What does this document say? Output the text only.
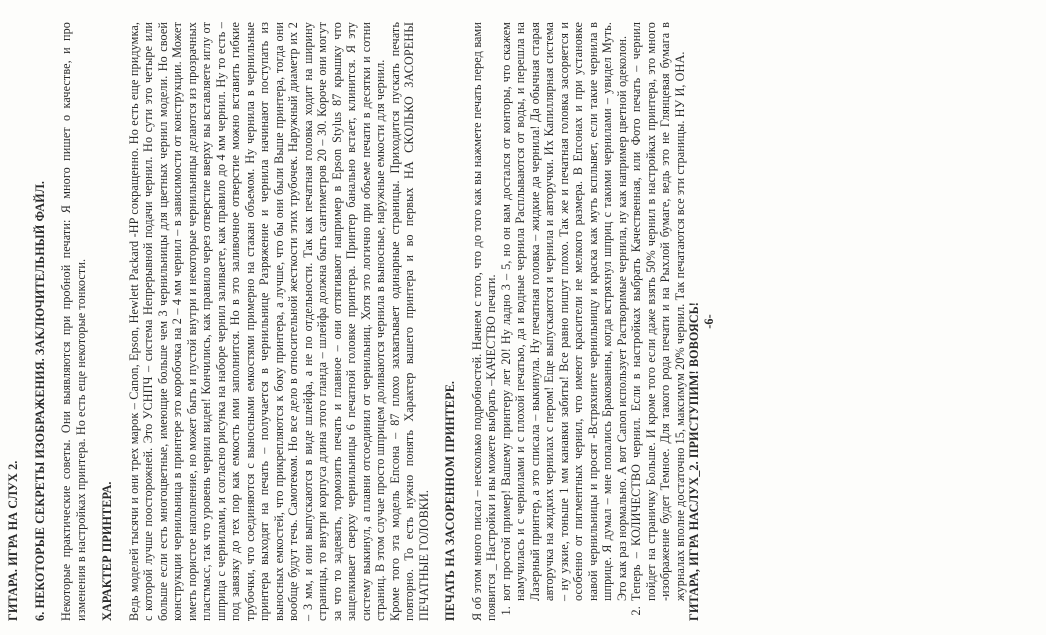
ГИТАРА. ИГРА НА СЛУХ 2. 6. НЕКОТОРЫЕ СЕКРЕТЫ ИЗОБРАЖЕНИЯ. ЗАКЛЮЧИТЕЛЬНЫЙ ФАЙЛ. Некоторые практические советы. Они выявляются при пробной печати: Я много пишет о качестве, и про изменения в настройках принтера. Но есть еще некоторые тонкости. ХАРАКТЕР ПРИНТЕРА. Ведь моделей тысячи и они трех марок – Canon, Epson, Hewlett Packard -HP сокращенно. Но есть еще придумка, с которой лучше поосторожней. Это УСНПЧ – система Непрерывной подачи чернил. Но сути это четыре или больше если есть многоцветные, имеющие больше чем 3 чернильницы для цветных чернил модели. Но своей конструкции чернильница в принтере это коробочка на 2 – 4 мм чернил – в зависимости от конструкции. Может иметь пористое наполнение, но может быть и пустой внутри и некоторые чернильницы делаются из прозрачных пластмасс, так что уровень чернил виден! Кончились, как правило через отверстие вверху вы вставляете иглу от шприца с чернилами, и согласно рисунка на наборе чернил заливаете, как правило до 4 мм чернил. Ну то есть – под завязку до тех пор как емкость ими заполнится. Но в это заливочное отверстие можно вставить гибкие трубочки, что соединяются с выносными емкостями примерно на стакан объемом. Ну чернила в чернильные принтера выходят на печать – получается в чернильнице Разряжение и чернила начинают поступать из выносных емкостей, что прикрепляются к боку принтера, а лучше, что бы они были Выше принтера, тогда они вообще будут течь. Самотеком. Но все дело в относительной жесткости этих трубочек. Наружный диаметр их 2 – 3 мм, и они выпускаются в виде шлейфа, а не по отдельности. Так как печатная головка ходит на ширину страницы, то внутри корпуса длина этого гланда – шлейфа должна быть сантиметров 20 – 30. Короче они могут за что то задевать, тормозить печать и главное – они оттягивают например в Epson Stylus 87 крышку что защелкивает сверху чернильницы 6 печатной головке принтера. Принтер банально встает, клинится. Я эту систему выкинул, а плавни отсоединил от чернильниц. Хотя это логично при объеме печати в десятки и сотни страниц. В этом случае просто шприцем доливаются чернила в выносные, наружные емкости для чернил. Кроме того эта модель Епсона – 87 плохо захватывает одинарные страницы. Приходится пускать печать повторно. То есть нужно понять Характер вашего принтера и во первых НА СКОЛЬКО ЗАСОРЕНЫ ПЕЧАТНЫЕ ГОЛОВКИ. ПЕЧАТЬ НА ЗАСОРЕННОМ ПРИНТЕРЕ. Я об этом много писал – несколько подробностей. Начнем с того, что до того как вы нажмете печать перед вами появится _ Настройки и вы можете выбрать –КАЧЕСТВО печати. 1. вот простой пример! Вашему принтеру лет 20! Ну ладно 3 – 5, но он вам достался от конторы, что скажем намучилась и с чернилами и с плохой печатью, да и водные чернила Расплываются от воды, и перешла на Лазерный принтер, а это списала – выкинула. Ну печатная головка – жидкие да чернила! Да обычная старая авторучка на жидких чернилах с пером! Еще выпускаются и чернила и авторучки. Их Капиллярная система – ну узкие, тоньше 1 мм канавки забиты! Все равно пишут плохо. Так же и печатная головка засоряется и особенно от пигментных чернил, что имеют красители не мелкого размера. В Епсонах и при установке навой чернильницы и просят -Встряхните чернильницу и краска как муть всплывет, если такие чернила в шприце. Я думал – мне попались Бракованны, когда встряхнул шприц с такими чернилами – увидел Муть. Это как раз нормально. А вот Canon использует Растворимые чернила, ну как например цветной одеколон. 2. Теперь – КОЛИЧЕСТВО чернил. Если в настройках выбрать Качественная, или Фото печать – чернил пойдет на страничку Больше. И кроме того если даже взять 50% чернил в настройках принтера, это много -изображение будет Темное. Для такого рода печати и на Рыхлой бумаге, ведь это не Глянцевая бумага в журналах вполне достаточно 15, максимум 20% чернил. Так печатаются все эти страницы. НУ И, ОНА. ГИТАРА, ИГРА НАСЛУХ_2. ПРИСТУПИМ! ВОВОЯСЬ! -6-
